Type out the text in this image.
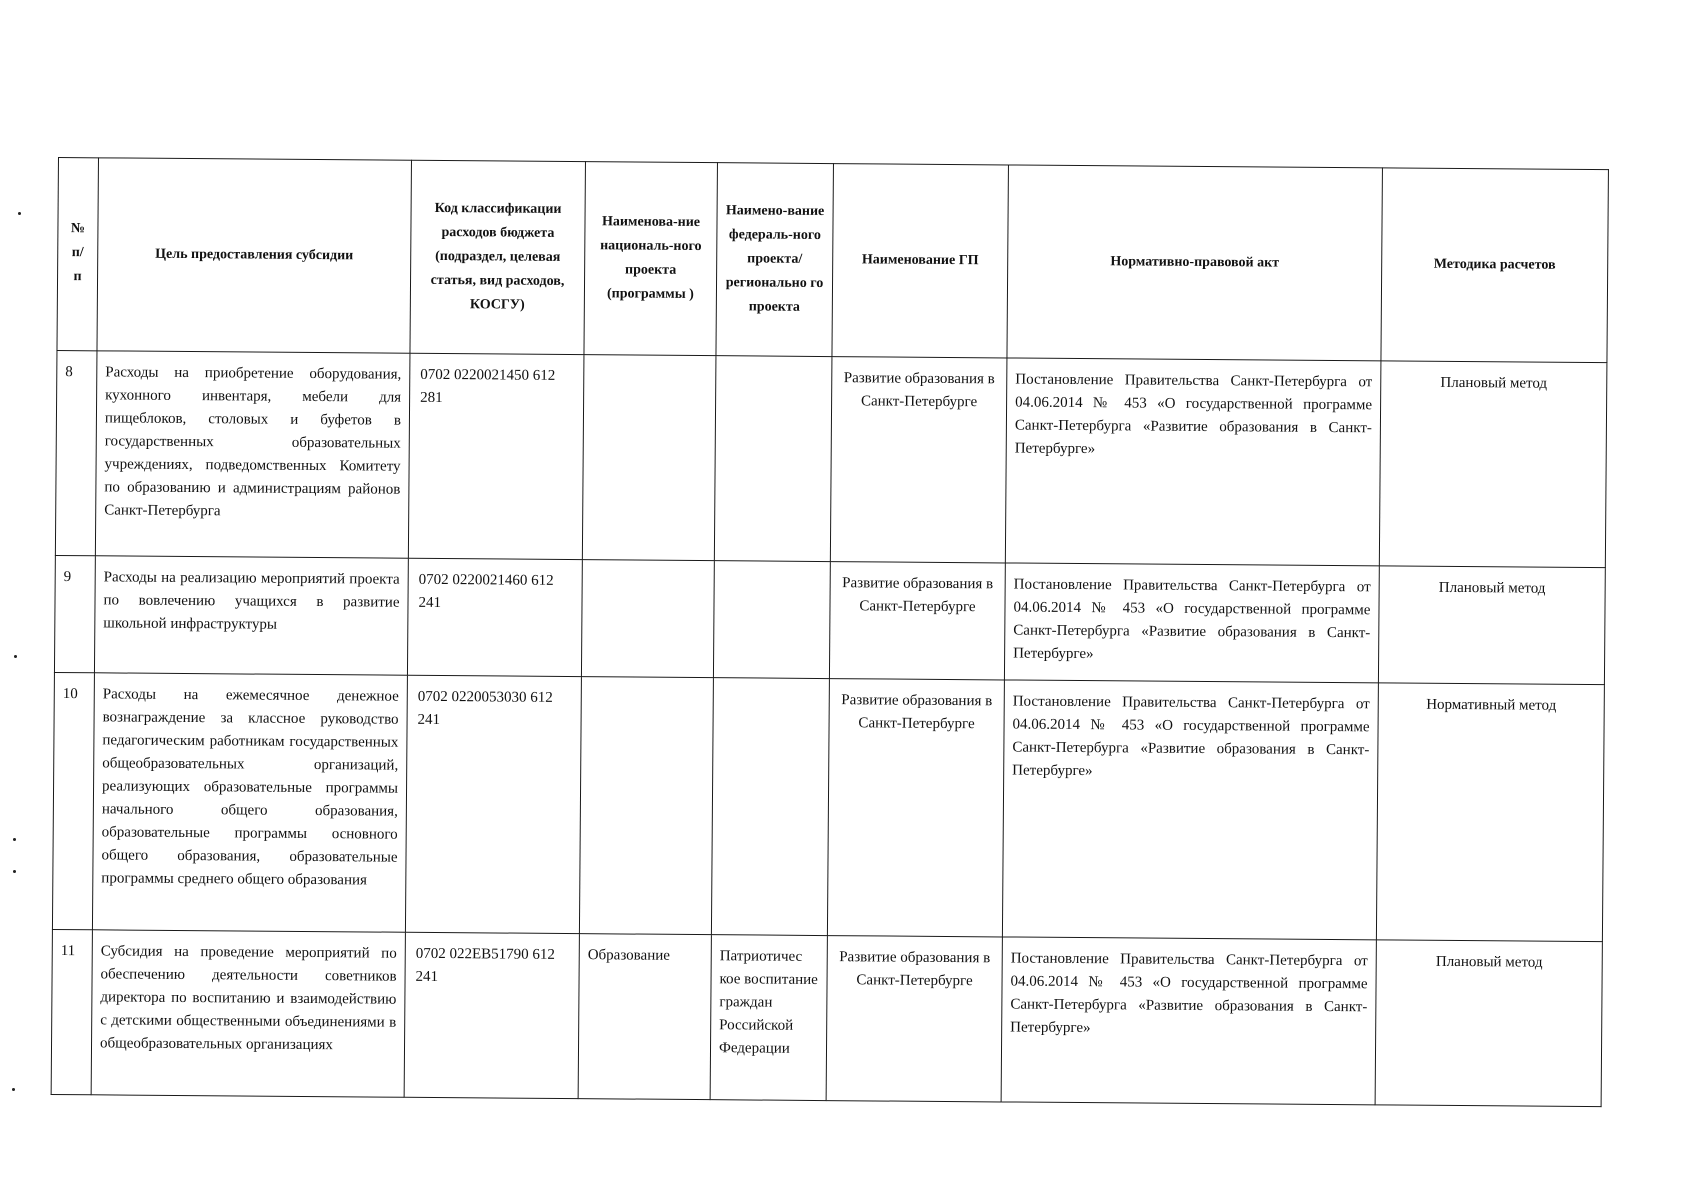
№
п/
п	Цель предоставления субсидии	Код классификации расходов бюджета (подраздел, целевая статья, вид расходов, КОСГУ)	Наименова-ние националь-ного проекта (программы )	Наимено-вание федераль-ного проекта/ регионально го проекта	Наименование ГП	Нормативно-правовой акт	Методика расчетов
8	Расходы на приобретение оборудования, кухонного инвентаря, мебели для пищеблоков, столовых и буфетов в государственных образовательных учреждениях, подведомственных Комитету по образованию и администрациям районов Санкт-Петербурга	0702 0220021450 612 281			Развитие образования в Санкт-Петербурге	Постановление Правительства Санкт-Петербурга от 04.06.2014 № 453 «О государственной программе Санкт-Петербурга «Развитие образования в Санкт-Петербурге»	Плановый метод
9	Расходы на реализацию мероприятий проекта по вовлечению учащихся в развитие школьной инфраструктуры	0702 0220021460 612 241			Развитие образования в Санкт-Петербурге	Постановление Правительства Санкт-Петербурга от 04.06.2014 № 453 «О государственной программе Санкт-Петербурга «Развитие образования в Санкт-Петербурге»	Плановый метод
10	Расходы на ежемесячное денежное вознаграждение за классное руководство педагогическим работникам государственных общеобразовательных организаций, реализующих образовательные программы начального общего образования, образовательные программы основного общего образования, образовательные программы среднего общего образования	0702 0220053030 612 241			Развитие образования в Санкт-Петербурге	Постановление Правительства Санкт-Петербурга от 04.06.2014 № 453 «О государственной программе Санкт-Петербурга «Развитие образования в Санкт-Петербурге»	Нормативный метод
11	Субсидия на проведение мероприятий по обеспечению деятельности советников директора по воспитанию и взаимодействию с детскими общественными объединениями в общеобразовательных организациях	0702 022EB51790 612 241	Образование	Патриотичес кое воспитание граждан Российской Федерации	Развитие образования в Санкт-Петербурге	Постановление Правительства Санкт-Петербурга от 04.06.2014 № 453 «О государственной программе Санкт-Петербурга «Развитие образования в Санкт-Петербурге»	Плановый метод
